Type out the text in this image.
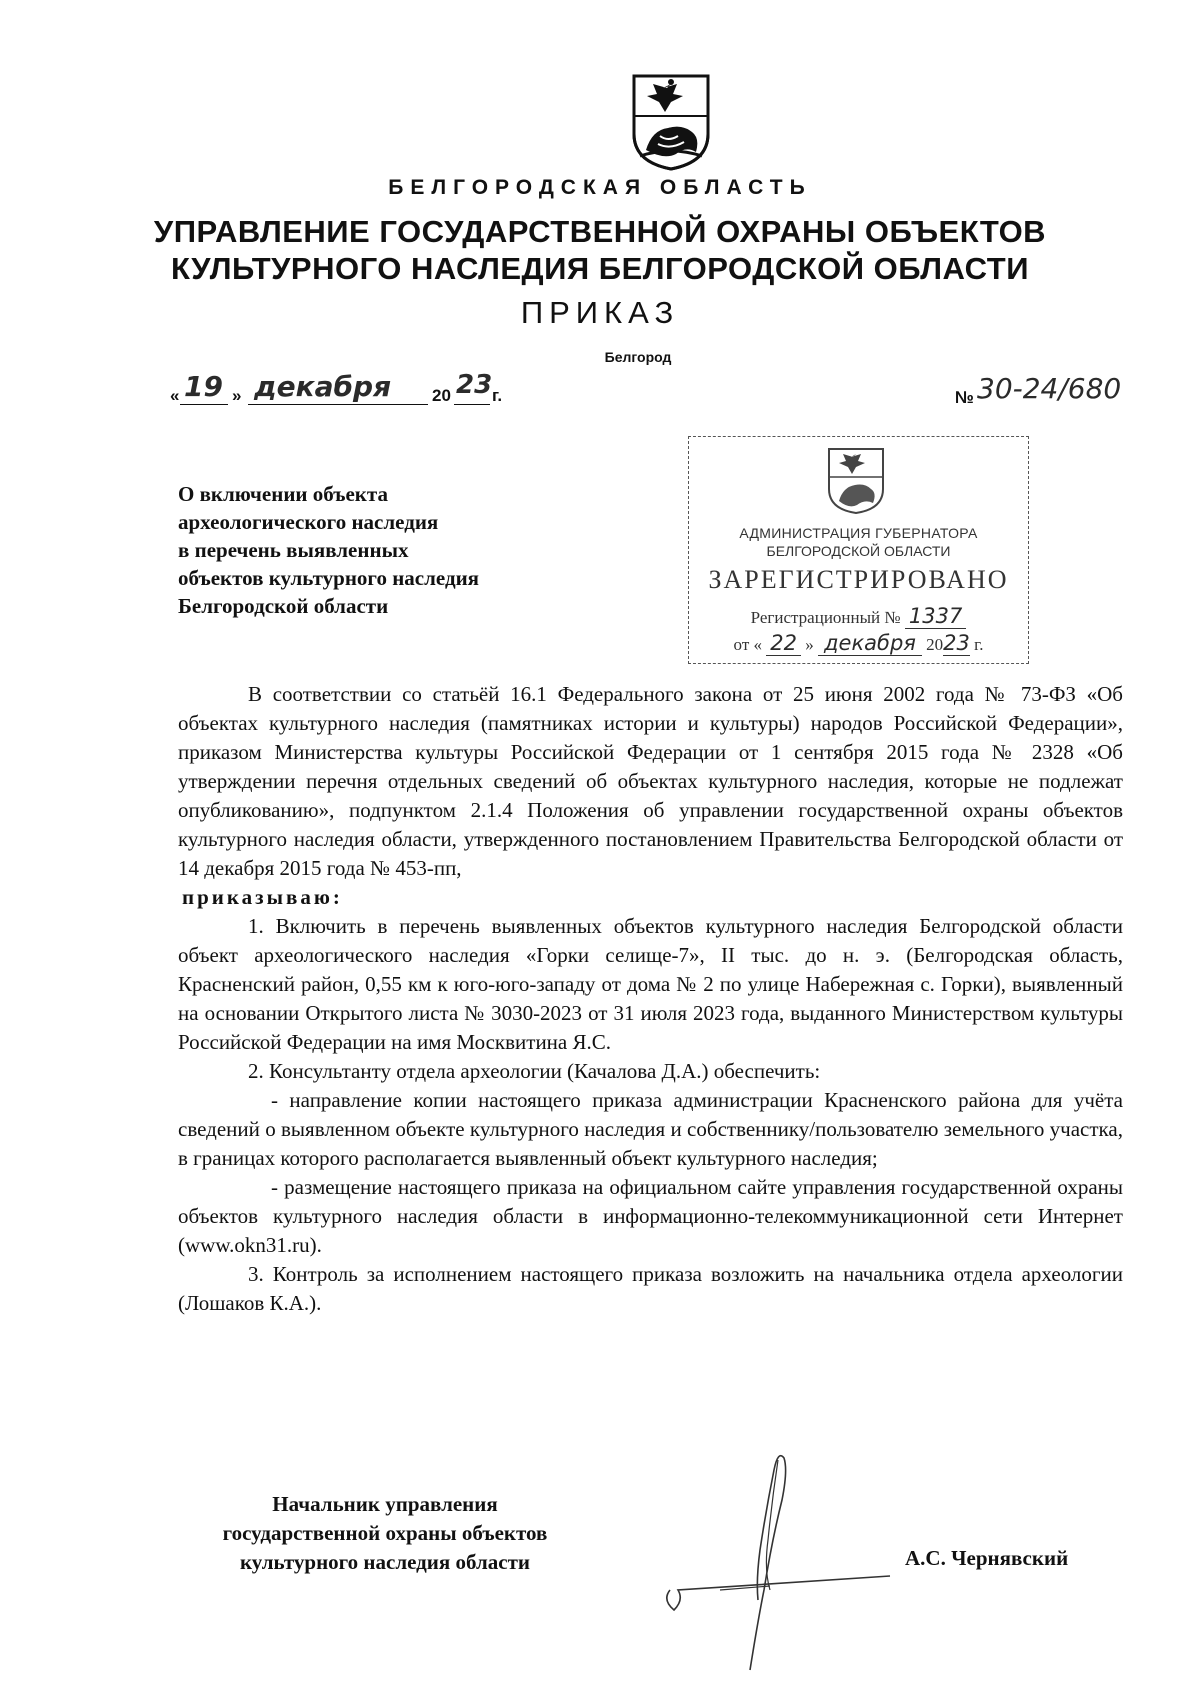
БЕЛГОРОДСКАЯ ОБЛАСТЬ
УПРАВЛЕНИЕ ГОСУДАРСТВЕННОЙ ОХРАНЫ ОБЪЕКТОВ
КУЛЬТУРНОГО НАСЛЕДИЯ БЕЛГОРОДСКОЙ ОБЛАСТИ
ПРИКАЗ
Белгород
« 19 » декабря 20 23 г.	№ 30-24/680
АДМИНИСТРАЦИЯ ГУБЕРНАТОРА
БЕЛГОРОДСКОЙ ОБЛАСТИ
ЗАРЕГИСТРИРОВАНО
Регистрационный № 1337
от « 22 » декабря 2023 г.
О включении объекта
археологического наследия
в перечень выявленных
объектов культурного наследия
Белгородской области

В соответствии со статьёй 16.1 Федерального закона от 25 июня 2002 года № 73-ФЗ «Об объектах культурного наследия (памятниках истории и культуры) народов Российской Федерации», приказом Министерства культуры Российской Федерации от 1 сентября 2015 года № 2328 «Об утверждении перечня отдельных сведений об объектах культурного наследия, которые не подлежат опубликованию», подпунктом 2.1.4 Положения об управлении государственной охраны объектов культурного наследия области, утвержденного постановлением Правительства Белгородской области от 14 декабря 2015 года № 453-пп,

приказываю:

1. Включить в перечень выявленных объектов культурного наследия Белгородской области объект археологического наследия «Горки селище-7», II тыс. до н. э. (Белгородская область, Красненский район, 0,55 км к юго-юго-западу от дома № 2 по улице Набережная с. Горки), выявленный на основании Открытого листа № 3030-2023 от 31 июля 2023 года, выданного Министерством культуры Российской Федерации на имя Москвитина Я.С.

2. Консультанту отдела археологии (Качалова Д.А.) обеспечить:

- направление копии настоящего приказа администрации Красненского района для учёта сведений о выявленном объекте культурного наследия и собственнику/пользователю земельного участка, в границах которого располагается выявленный объект культурного наследия;

- размещение настоящего приказа на официальном сайте управления государственной охраны объектов культурного наследия области в информационно-телекоммуникационной сети Интернет (www.okn31.ru).

3. Контроль за исполнением настоящего приказа возложить на начальника отдела археологии (Лошаков К.А.).

Начальник управления
государственной охраны объектов
культурного наследия области	А.С. Чернявский
